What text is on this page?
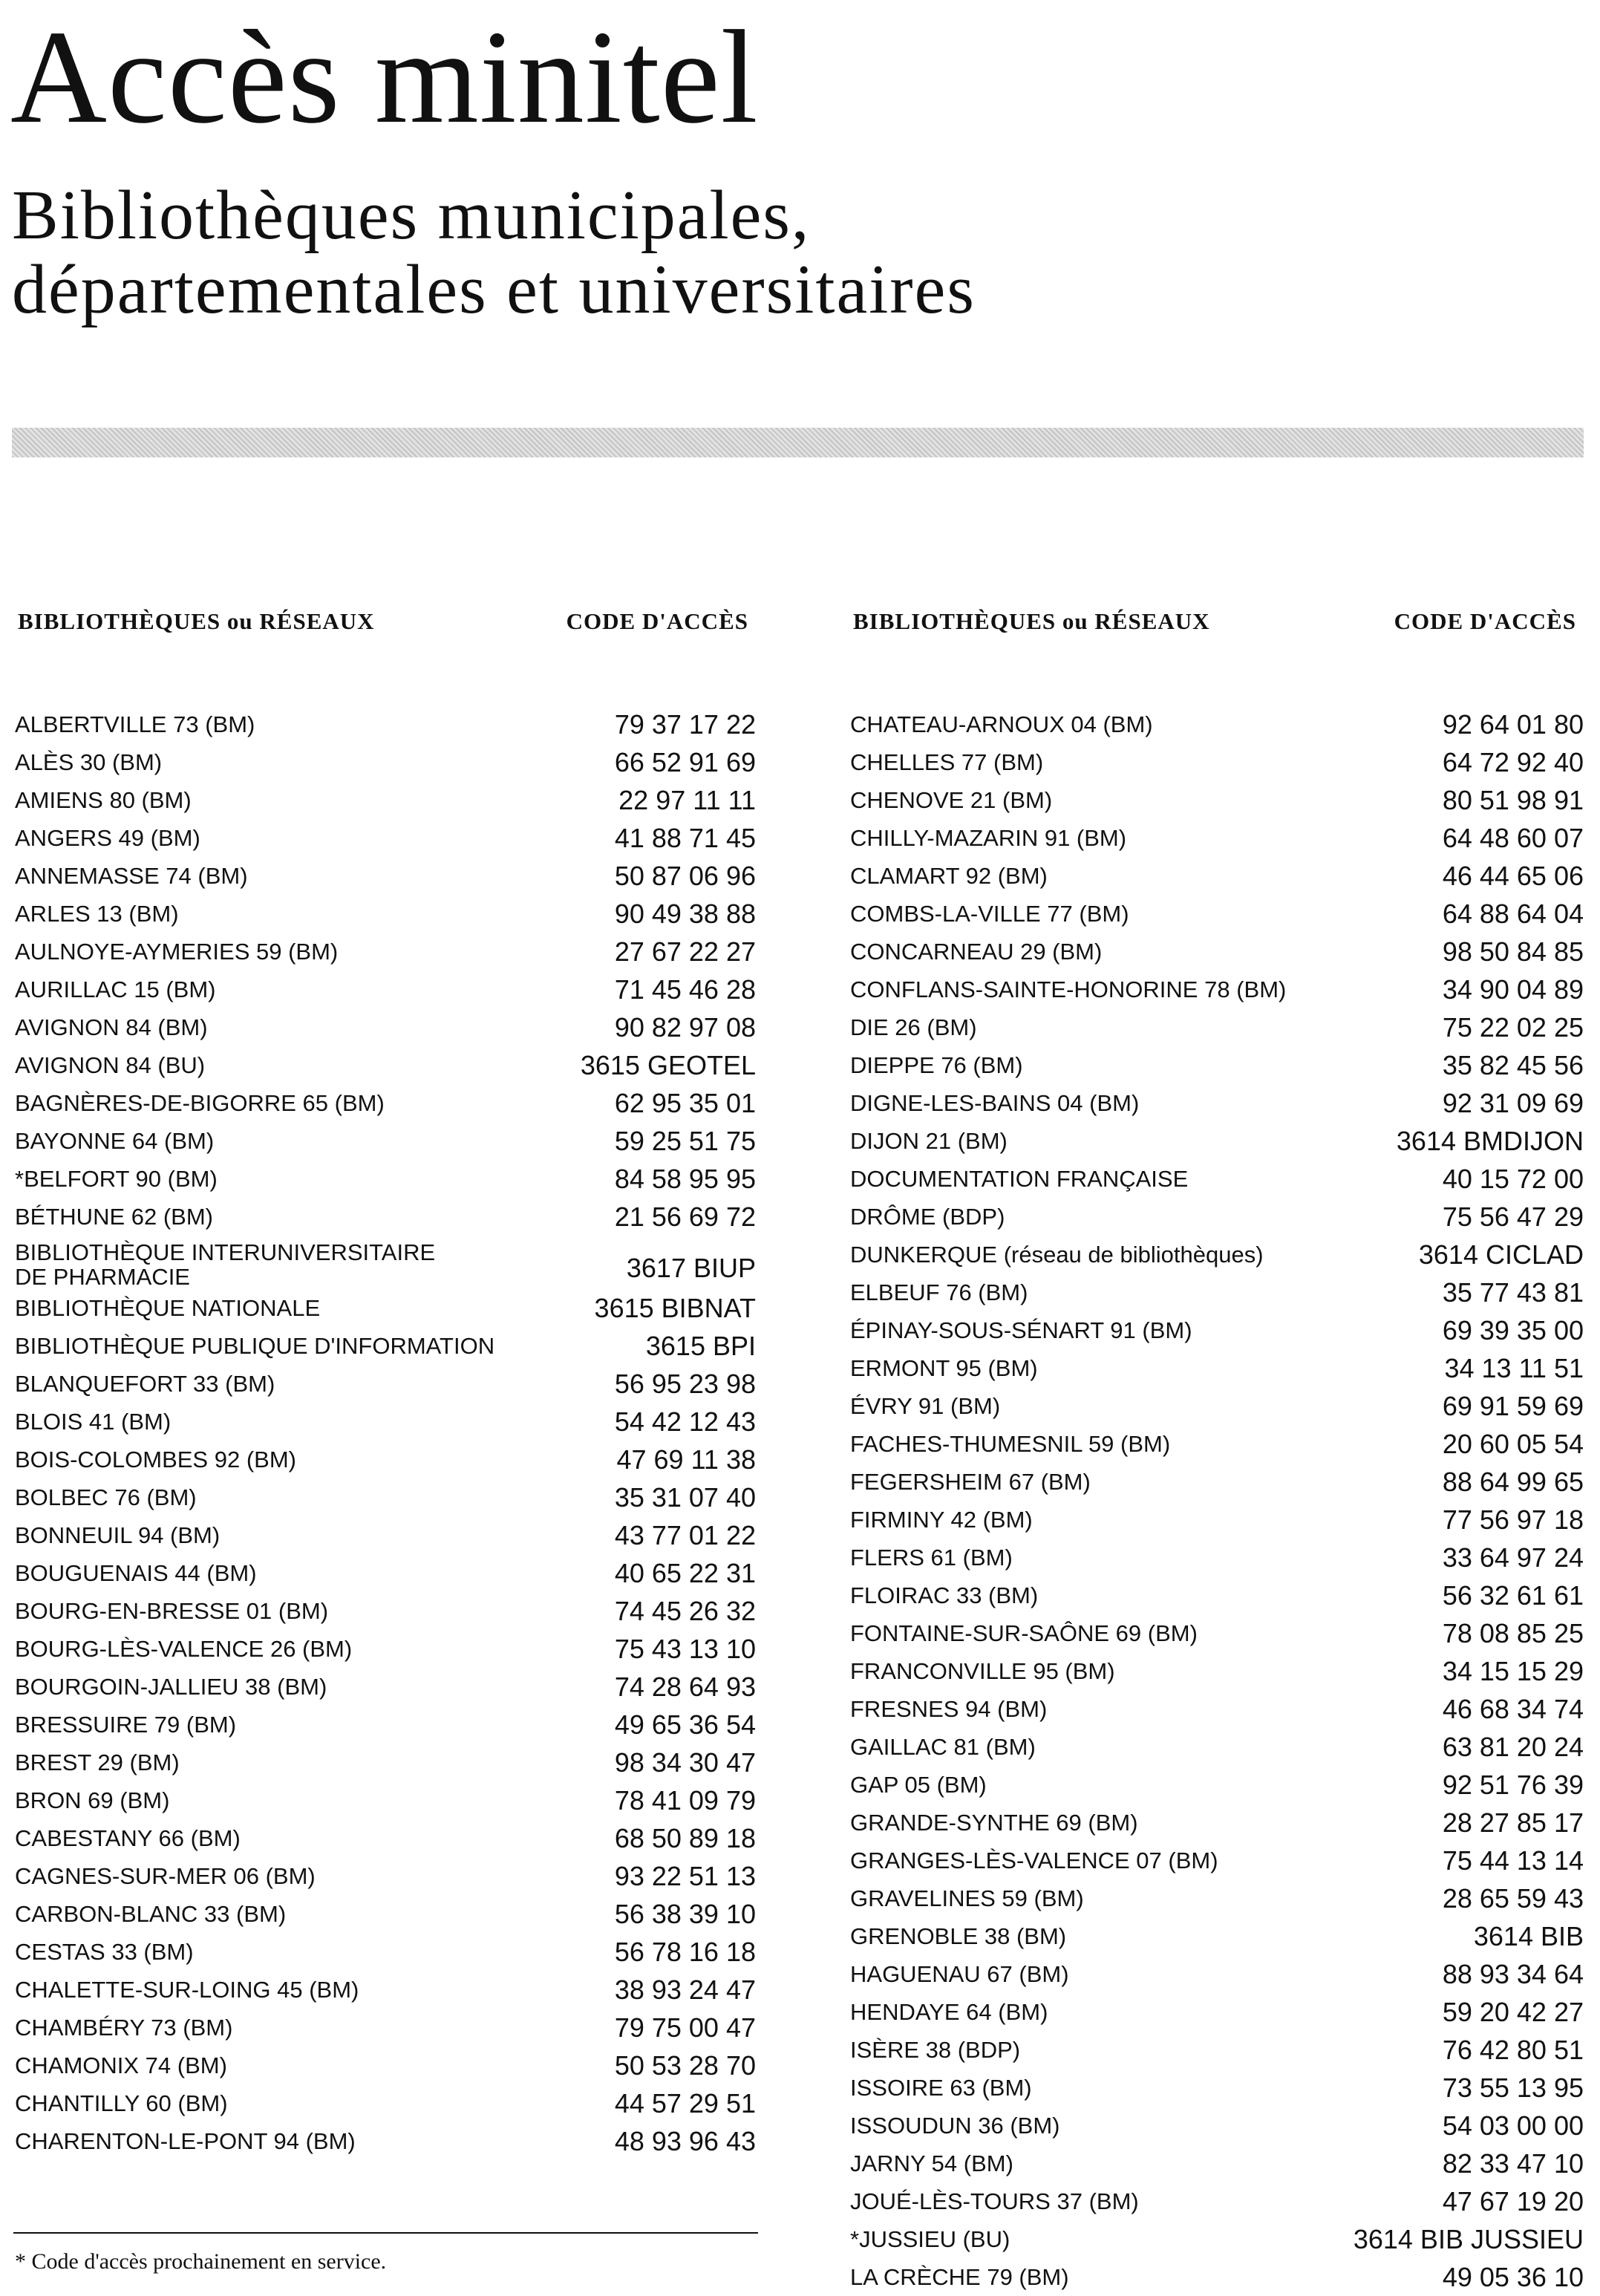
Accès minitel
Bibliothèques municipales,
départementales et universitaires
BIBLIOTHÈQUES ou RÉSEAUX	CODE D'ACCÈS
ALBERTVILLE 73 (BM)	79 37 17 22
ALÈS 30 (BM)	66 52 91 69
AMIENS 80 (BM)	22 97 11 11
ANGERS 49 (BM)	41 88 71 45
ANNEMASSE 74 (BM)	50 87 06 96
ARLES 13 (BM)	90 49 38 88
AULNOYE-AYMERIES 59 (BM)	27 67 22 27
AURILLAC 15 (BM)	71 45 46 28
AVIGNON 84 (BM)	90 82 97 08
AVIGNON 84 (BU)	3615 GEOTEL
BAGNÈRES-DE-BIGORRE 65 (BM)	62 95 35 01
BAYONNE 64 (BM)	59 25 51 75
*BELFORT 90 (BM)	84 58 95 95
BÉTHUNE 62 (BM)	21 56 69 72
BIBLIOTHÈQUE INTERUNIVERSITAIRE
DE PHARMACIE	3617 BIUP
BIBLIOTHÈQUE NATIONALE	3615 BIBNAT
BIBLIOTHÈQUE PUBLIQUE D'INFORMATION	3615 BPI
BLANQUEFORT 33 (BM)	56 95 23 98
BLOIS 41 (BM)	54 42 12 43
BOIS-COLOMBES 92 (BM)	47 69 11 38
BOLBEC 76 (BM)	35 31 07 40
BONNEUIL 94 (BM)	43 77 01 22
BOUGUENAIS 44 (BM)	40 65 22 31
BOURG-EN-BRESSE 01 (BM)	74 45 26 32
BOURG-LÈS-VALENCE 26 (BM)	75 43 13 10
BOURGOIN-JALLIEU 38 (BM)	74 28 64 93
BRESSUIRE 79 (BM)	49 65 36 54
BREST 29 (BM)	98 34 30 47
BRON 69 (BM)	78 41 09 79
CABESTANY 66 (BM)	68 50 89 18
CAGNES-SUR-MER 06 (BM)	93 22 51 13
CARBON-BLANC 33 (BM)	56 38 39 10
CESTAS 33 (BM)	56 78 16 18
CHALETTE-SUR-LOING 45 (BM)	38 93 24 47
CHAMBÉRY 73 (BM)	79 75 00 47
CHAMONIX 74 (BM)	50 53 28 70
CHANTILLY 60 (BM)	44 57 29 51
CHARENTON-LE-PONT 94 (BM)	48 93 96 43
BIBLIOTHÈQUES ou RÉSEAUX	CODE D'ACCÈS
CHATEAU-ARNOUX 04 (BM)	92 64 01 80
CHELLES 77 (BM)	64 72 92 40
CHENOVE 21 (BM)	80 51 98 91
CHILLY-MAZARIN 91 (BM)	64 48 60 07
CLAMART 92 (BM)	46 44 65 06
COMBS-LA-VILLE 77 (BM)	64 88 64 04
CONCARNEAU 29 (BM)	98 50 84 85
CONFLANS-SAINTE-HONORINE 78 (BM)	34 90 04 89
DIE 26 (BM)	75 22 02 25
DIEPPE 76 (BM)	35 82 45 56
DIGNE-LES-BAINS 04 (BM)	92 31 09 69
DIJON 21 (BM)	3614 BMDIJON
DOCUMENTATION FRANÇAISE	40 15 72 00
DRÔME (BDP)	75 56 47 29
DUNKERQUE (réseau de bibliothèques)	3614 CICLAD
ELBEUF 76 (BM)	35 77 43 81
ÉPINAY-SOUS-SÉNART 91 (BM)	69 39 35 00
ERMONT 95 (BM)	34 13 11 51
ÉVRY 91 (BM)	69 91 59 69
FACHES-THUMESNIL 59 (BM)	20 60 05 54
FEGERSHEIM 67 (BM)	88 64 99 65
FIRMINY 42 (BM)	77 56 97 18
FLERS 61 (BM)	33 64 97 24
FLOIRAC 33 (BM)	56 32 61 61
FONTAINE-SUR-SAÔNE 69 (BM)	78 08 85 25
FRANCONVILLE 95 (BM)	34 15 15 29
FRESNES 94 (BM)	46 68 34 74
GAILLAC 81 (BM)	63 81 20 24
GAP 05 (BM)	92 51 76 39
GRANDE-SYNTHE 69 (BM)	28 27 85 17
GRANGES-LÈS-VALENCE 07 (BM)	75 44 13 14
GRAVELINES 59 (BM)	28 65 59 43
GRENOBLE 38 (BM)	3614 BIB
HAGUENAU 67 (BM)	88 93 34 64
HENDAYE 64 (BM)	59 20 42 27
ISÈRE 38 (BDP)	76 42 80 51
ISSOIRE 63 (BM)	73 55 13 95
ISSOUDUN 36 (BM)	54 03 00 00
JARNY 54 (BM)	82 33 47 10
JOUÉ-LÈS-TOURS 37 (BM)	47 67 19 20
*JUSSIEU (BU)	3614 BIB JUSSIEU
LA CRÈCHE 79 (BM)	49 05 36 10
* Code d'accès prochainement en service.
